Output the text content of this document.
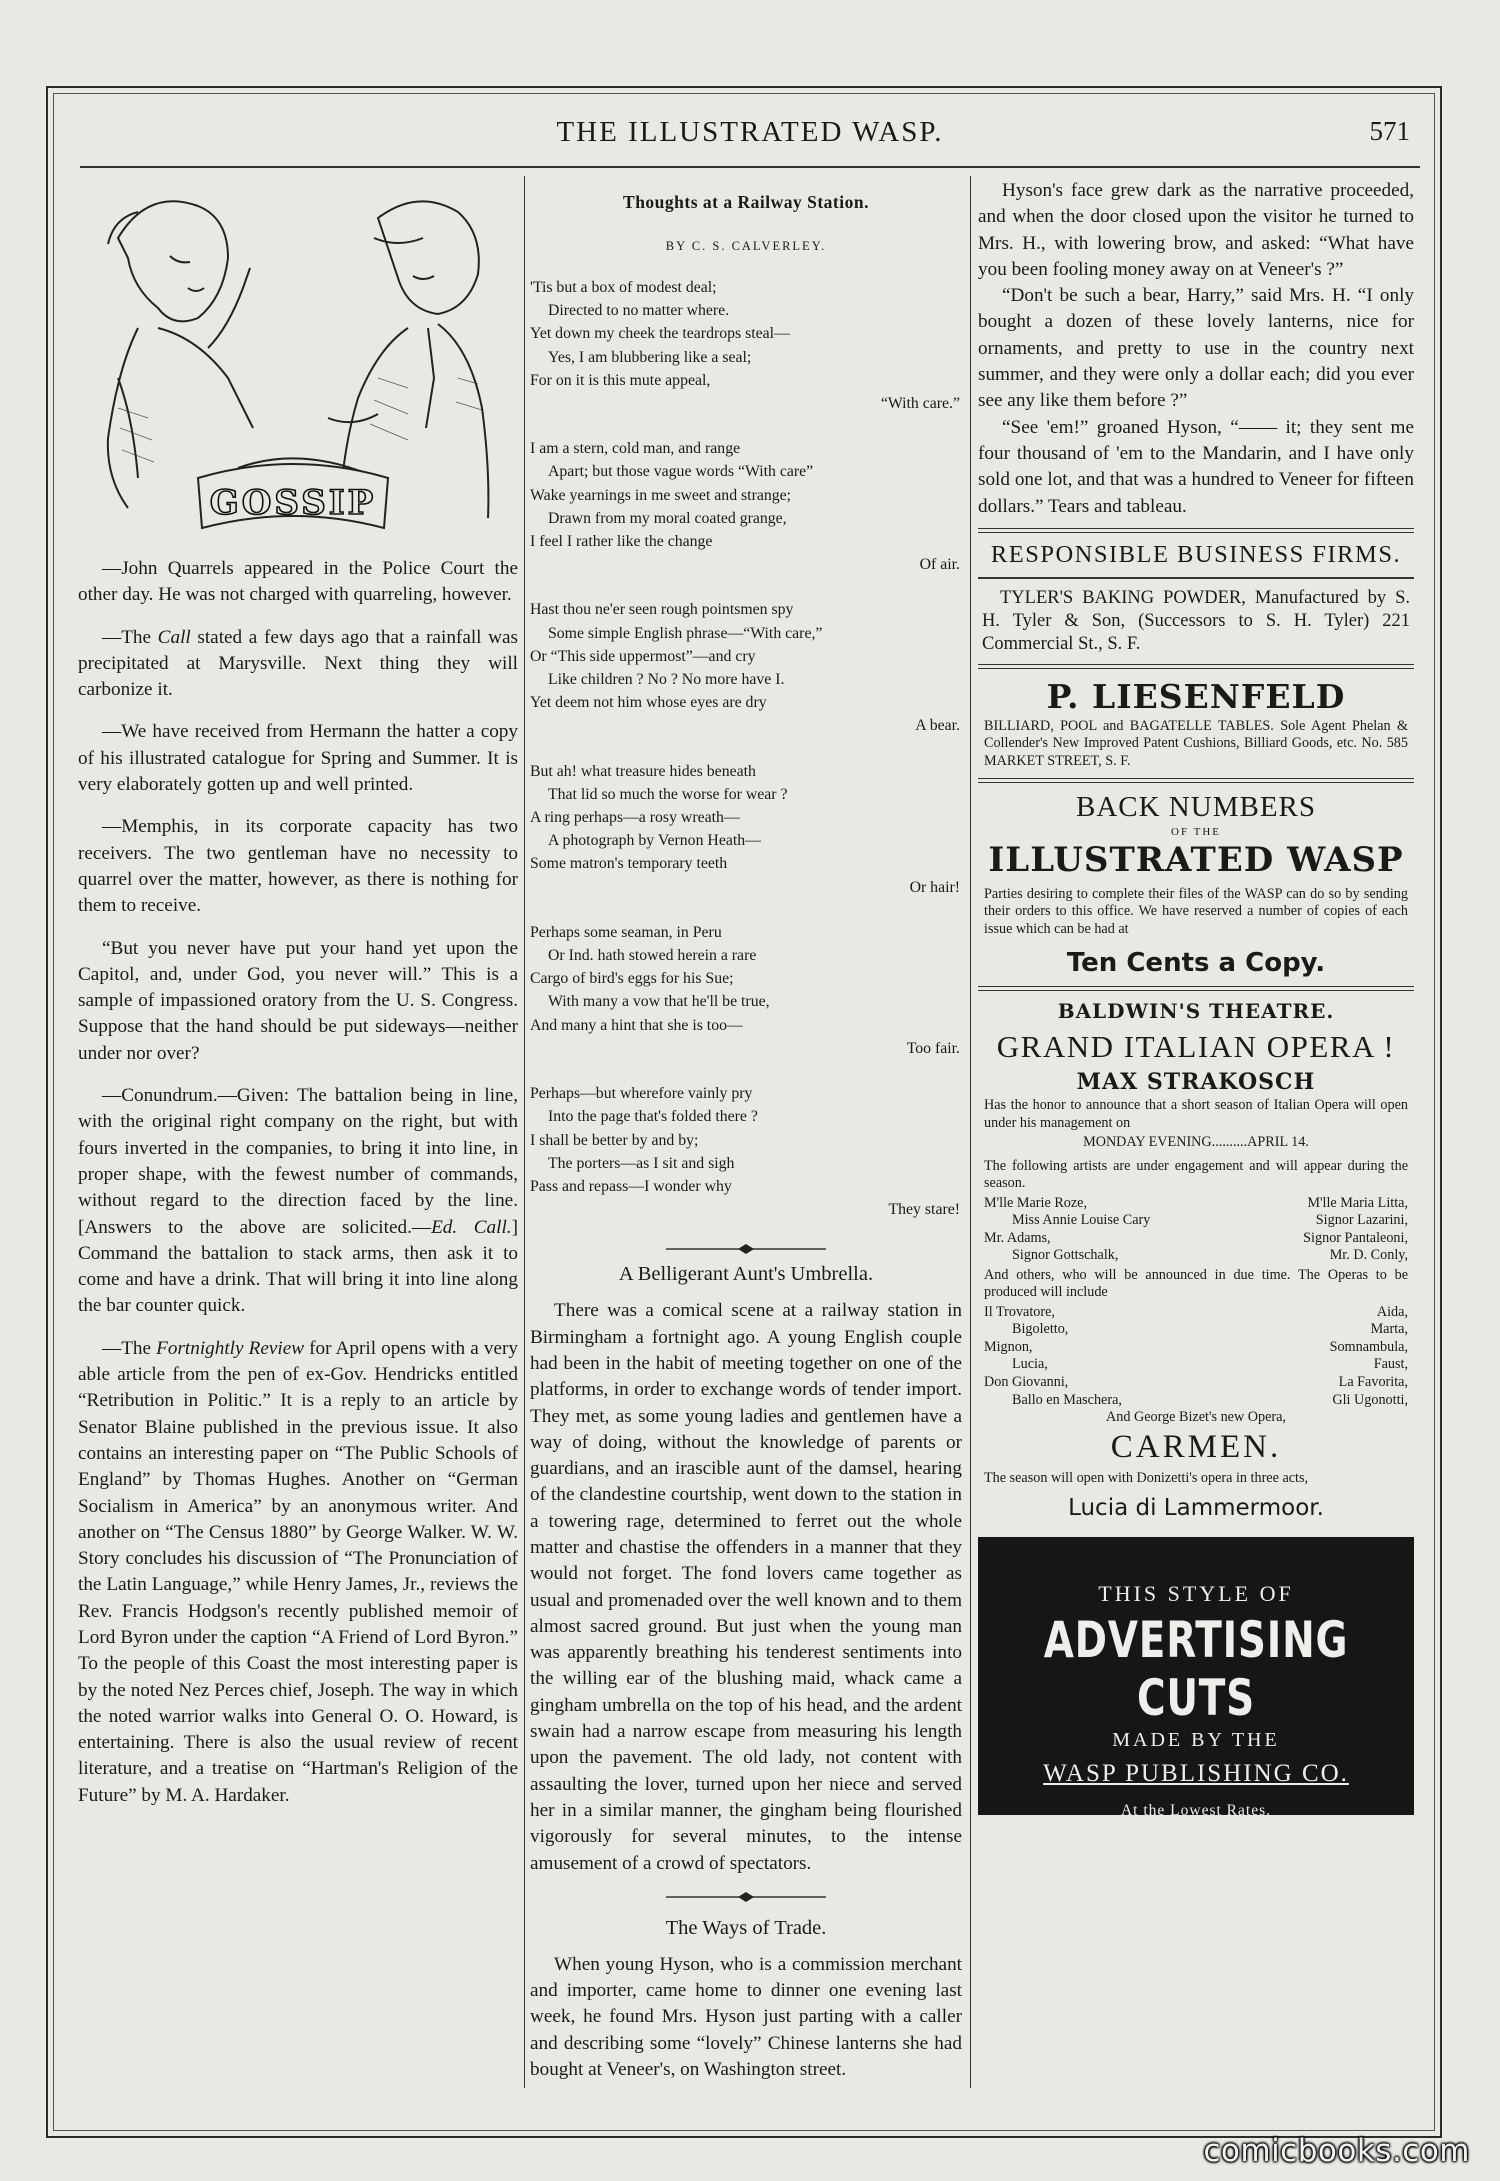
THE ILLUSTRATED WASP.	571
GOSSIP

—John Quarrels appeared in the Police Court the other day. He was not charged with quarreling, however.

—The Call stated a few days ago that a rainfall was precipitated at Marysville. Next thing they will carbonize it.

—We have received from Hermann the hatter a copy of his illustrated catalogue for Spring and Summer. It is very elaborately gotten up and well printed.

—Memphis, in its corporate capacity has two receivers. The two gentleman have no necessity to quarrel over the matter, however, as there is nothing for them to receive.

“But you never have put your hand yet upon the Capitol, and, under God, you never will.” This is a sample of impassioned oratory from the U. S. Congress. Suppose that the hand should be put sideways—neither under nor over?

—Conundrum.—Given: The battalion being in line, with the original right company on the right, but with fours inverted in the companies, to bring it into line, in proper shape, with the fewest number of commands, without regard to the direction faced by the line. [Answers to the above are solicited.—Ed. Call.] Command the battalion to stack arms, then ask it to come and have a drink. That will bring it into line along the bar counter quick.

—The Fortnightly Review for April opens with a very able article from the pen of ex-Gov. Hendricks entitled “Retribution in Politic.” It is a reply to an article by Senator Blaine published in the previous issue. It also contains an interesting paper on “The Public Schools of England” by Thomas Hughes. Another on “German Socialism in America” by an anonymous writer. And another on “The Census 1880” by George Walker. W. W. Story concludes his discussion of “The Pronunciation of the Latin Language,” while Henry James, Jr., reviews the Rev. Francis Hodgson's recently published memoir of Lord Byron under the caption “A Friend of Lord Byron.” To the people of this Coast the most interesting paper is by the noted Nez Perces chief, Joseph. The way in which the noted warrior walks into General O. O. Howard, is entertaining. There is also the usual review of recent literature, and a treatise on “Hartman's Religion of the Future” by M. A. Hardaker.

Thoughts at a Railway Station.
BY C. S. CALVERLEY.
'Tis but a box of modest deal;
Directed to no matter where.
Yet down my cheek the teardrops steal—
Yes, I am blubbering like a seal;
For on it is this mute appeal,
“With care.”
I am a stern, cold man, and range
Apart; but those vague words “With care”
Wake yearnings in me sweet and strange;
Drawn from my moral coated grange,
I feel I rather like the change
Of air.
Hast thou ne'er seen rough pointsmen spy
Some simple English phrase—“With care,”
Or “This side uppermost”—and cry
Like children ? No ? No more have I.
Yet deem not him whose eyes are dry
A bear.
But ah! what treasure hides beneath
That lid so much the worse for wear ?
A ring perhaps—a rosy wreath—
A photograph by Vernon Heath—
Some matron's temporary teeth
Or hair!
Perhaps some seaman, in Peru
Or Ind. hath stowed herein a rare
Cargo of bird's eggs for his Sue;
With many a vow that he'll be true,
And many a hint that she is too—
Too fair.
Perhaps—but wherefore vainly pry
Into the page that's folded there ?
I shall be better by and by;
The porters—as I sit and sigh
Pass and repass—I wonder why
They stare!
A Belligerant Aunt's Umbrella.

There was a comical scene at a railway station in Birmingham a fortnight ago. A young English couple had been in the habit of meeting together on one of the platforms, in order to exchange words of tender import. They met, as some young ladies and gentlemen have a way of doing, without the knowledge of parents or guardians, and an irascible aunt of the damsel, hearing of the clandestine courtship, went down to the station in a towering rage, determined to ferret out the whole matter and chastise the offenders in a manner that they would not forget. The fond lovers came together as usual and promenaded over the well known and to them almost sacred ground. But just when the young man was apparently breathing his tenderest sentiments into the willing ear of the blushing maid, whack came a gingham umbrella on the top of his head, and the ardent swain had a narrow escape from measuring his length upon the pavement. The old lady, not content with assaulting the lover, turned upon her niece and served her in a similar manner, the gingham being flourished vigorously for several minutes, to the intense amusement of a crowd of spectators.

The Ways of Trade.

When young Hyson, who is a commission merchant and importer, came home to dinner one evening last week, he found Mrs. Hyson just parting with a caller and describing some “lovely” Chinese lanterns she had bought at Veneer's, on Washington street.

Hyson's face grew dark as the narrative proceeded, and when the door closed upon the visitor he turned to Mrs. H., with lowering brow, and asked: “What have you been fooling money away on at Veneer's ?”

“Don't be such a bear, Harry,” said Mrs. H. “I only bought a dozen of these lovely lanterns, nice for ornaments, and pretty to use in the country next summer, and they were only a dollar each; did you ever see any like them before ?”

“See 'em!” groaned Hyson, “—— it; they sent me four thousand of 'em to the Mandarin, and I have only sold one lot, and that was a hundred to Veneer for fifteen dollars.” Tears and tableau.

RESPONSIBLE BUSINESS FIRMS.

TYLER'S BAKING POWDER, Manufactured by S. H. Tyler & Son, (Successors to S. H. Tyler) 221 Commercial St., S. F.

P. LIESENFELD

BILLIARD, POOL and BAGATELLE TABLES. Sole Agent Phelan & Collender's New Improved Patent Cushions, Billiard Goods, etc. No. 585 MARKET STREET, S. F.

BACK NUMBERS
OF THE
ILLUSTRATED WASP

Parties desiring to complete their files of the WASP can do so by sending their orders to this office. We have reserved a number of copies of each issue which can be had at

Ten Cents a Copy.
BALDWIN'S THEATRE.
GRAND ITALIAN OPERA !
MAX STRAKOSCH

Has the honor to announce that a short season of Italian Opera will open under his management on

MONDAY EVENING..........APRIL 14.

The following artists are under engagement and will appear during the season.

M'lle Marie Roze,	M'lle Maria Litta,
Miss Annie Louise Cary	Signor Lazarini,
Mr. Adams,	Signor Pantaleoni,
Signor Gottschalk,	Mr. D. Conly,

And others, who will be announced in due time. The Operas to be produced will include

Il Trovatore,	Aida,
Bigoletto,	Marta,
Mignon,	Somnambula,
Lucia,	Faust,
Don Giovanni,	La Favorita,
Ballo en Maschera,	Gli Ugonotti,
And George Bizet's new Opera,
CARMEN.

The season will open with Donizetti's opera in three acts,

Lucia di Lammermoor.
THIS STYLE OF
ADVERTISING CUTS
MADE BY THE
WASP PUBLISHING CO.
At the Lowest Rates.
comicbooks.com
